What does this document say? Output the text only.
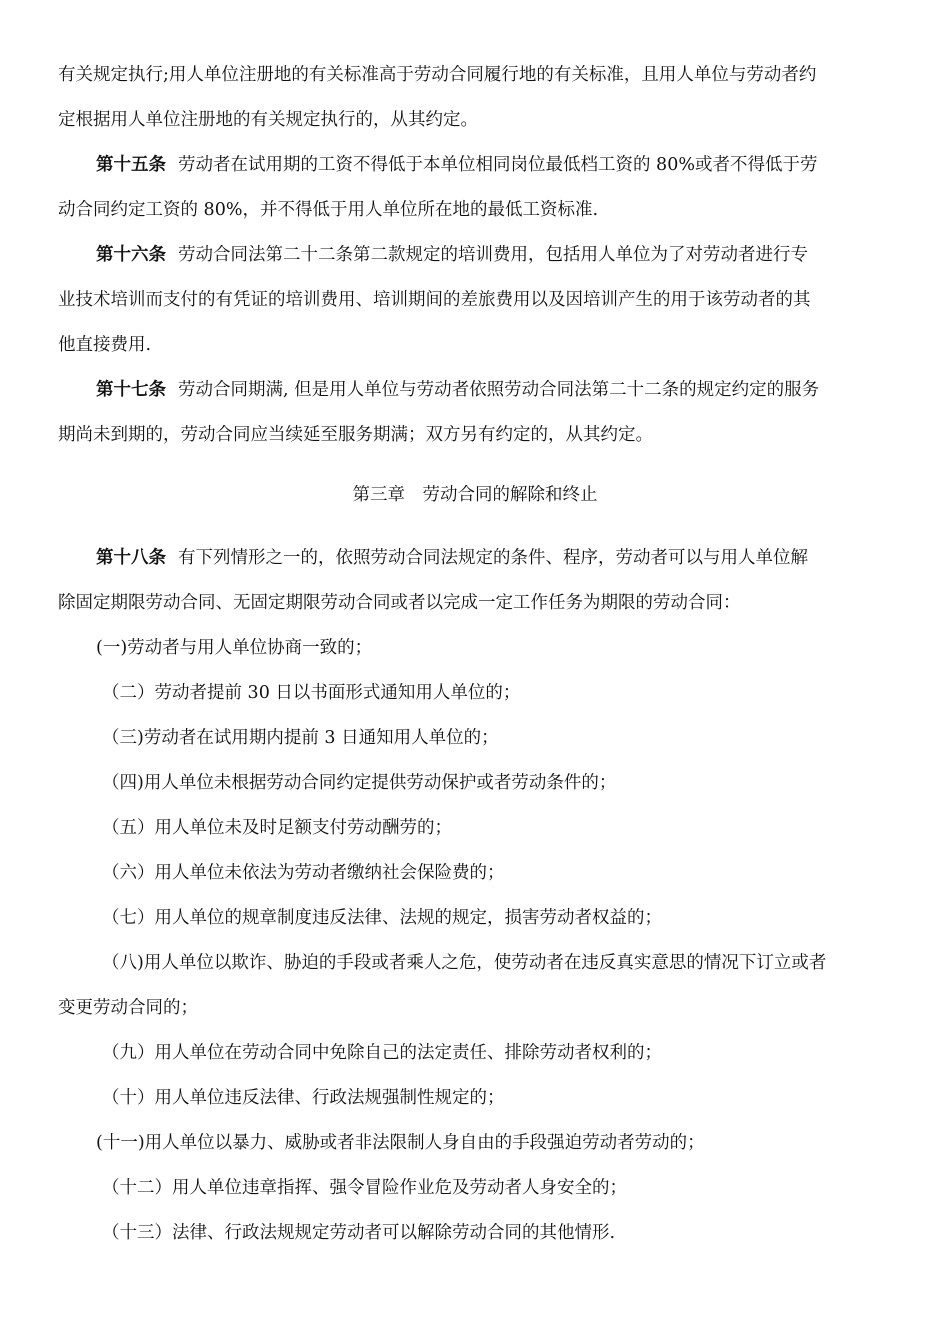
有关规定执行;用人单位注册地的有关标准高于劳动合同履行地的有关标准，且用人单位与劳动者约
定根据用人单位注册地的有关规定执行的，从其约定。
第十五条 劳动者在试用期的工资不得低于本单位相同岗位最低档工资的 80%或者不得低于劳
动合同约定工资的 80%，并不得低于用人单位所在地的最低工资标准.
第十六条 劳动合同法第二十二条第二款规定的培训费用，包括用人单位为了对劳动者进行专
业技术培训而支付的有凭证的培训费用、培训期间的差旅费用以及因培训产生的用于该劳动者的其
他直接费用.
第十七条 劳动合同期满, 但是用人单位与劳动者依照劳动合同法第二十二条的规定约定的服务
期尚未到期的，劳动合同应当续延至服务期满；双方另有约定的，从其约定。
第三章　劳动合同的解除和终止
第十八条 有下列情形之一的，依照劳动合同法规定的条件、程序，劳动者可以与用人单位解
除固定期限劳动合同、无固定期限劳动合同或者以完成一定工作任务为期限的劳动合同：
(一)劳动者与用人单位协商一致的；
（二）劳动者提前 30 日以书面形式通知用人单位的；
（三)劳动者在试用期内提前 3 日通知用人单位的；
（四)用人单位未根据劳动合同约定提供劳动保护或者劳动条件的；
（五）用人单位未及时足额支付劳动酬劳的；
（六）用人单位未依法为劳动者缴纳社会保险费的；
（七）用人单位的规章制度违反法律、法规的规定，损害劳动者权益的；
（八)用人单位以欺诈、胁迫的手段或者乘人之危，使劳动者在违反真实意思的情况下订立或者
变更劳动合同的；
（九）用人单位在劳动合同中免除自己的法定责任、排除劳动者权利的；
（十）用人单位违反法律、行政法规强制性规定的；
(十一)用人单位以暴力、威胁或者非法限制人身自由的手段强迫劳动者劳动的；
（十二）用人单位违章指挥、强令冒险作业危及劳动者人身安全的；
（十三）法律、行政法规规定劳动者可以解除劳动合同的其他情形.
